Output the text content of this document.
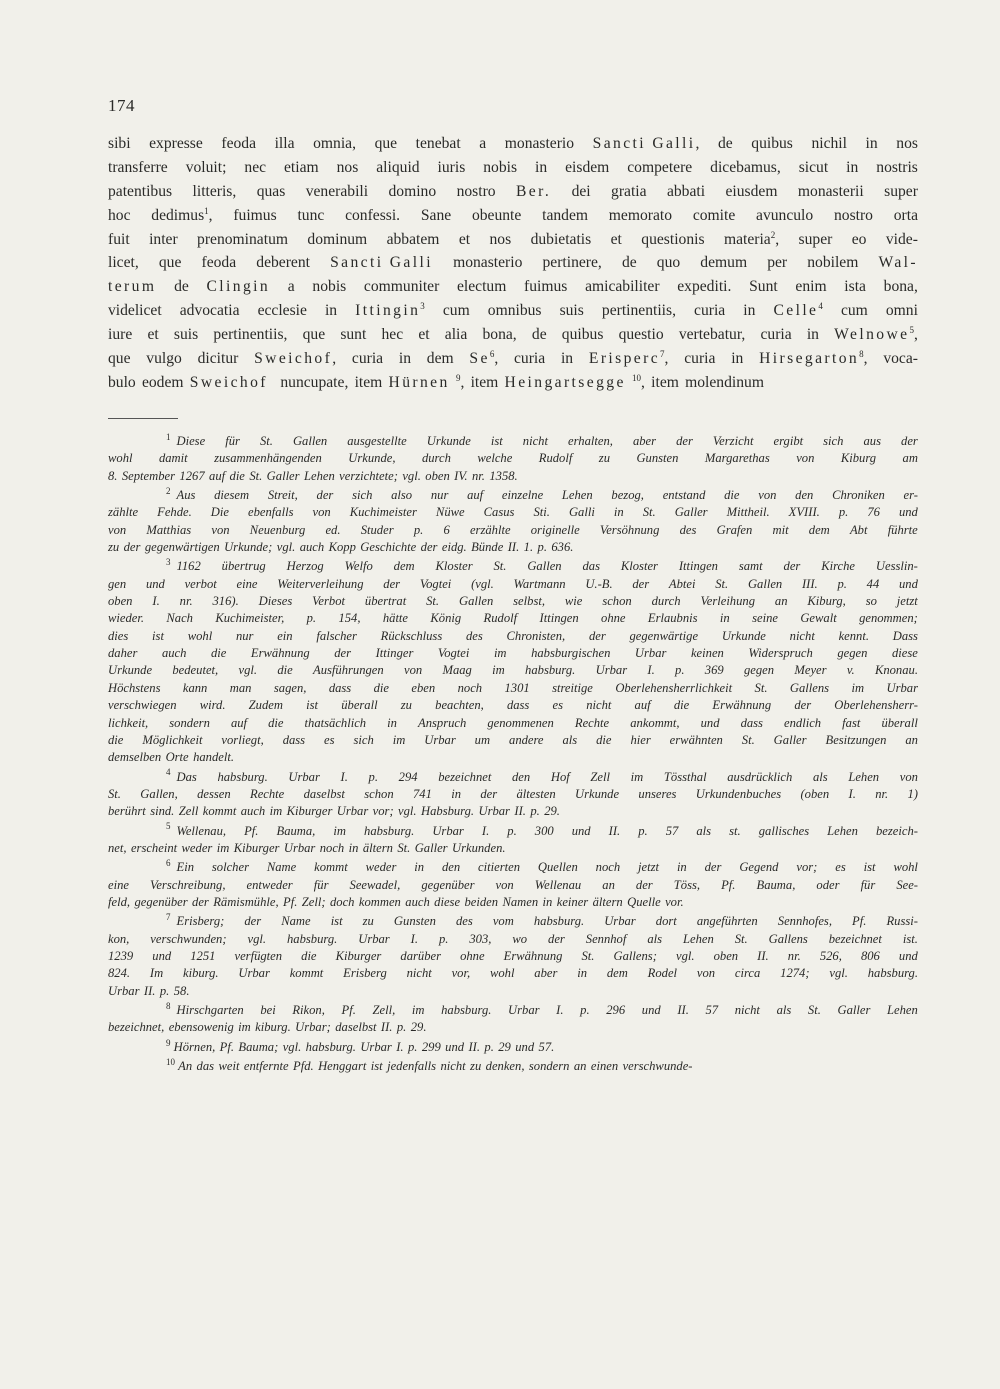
174
sibi expresse feoda illa omnia, que tenebat a monasterio Sancti Galli, de quibus nichil in nos
transferre voluit; nec etiam nos aliquid iuris nobis in eisdem competere dicebamus, sicut in nostris
patentibus litteris, quas venerabili domino nostro Ber. dei gratia abbati eiusdem monasterii super
hoc dedimus$^1$, fuimus tunc confessi. Sane obeunte tandem memorato comite avunculo nostro orta
fuit inter prenominatum dominum abbatem et nos dubietatis et questionis materia$^2$, super eo vide-
licet, que feoda deberent Sancti Galli monasterio pertinere, de quo demum per nobilem Wal-
terum de Clingin a nobis communiter electum fuimus amicabiliter expediti. Sunt enim ista bona,
videlicet advocatia ecclesie in Ittingin$^3$ cum omnibus suis pertinentiis, curia in Celle$^4$ cum omni
iure et suis pertinentiis, que sunt hec et alia bona, de quibus questio vertebatur, curia in Welnowe$^5$,
que vulgo dicitur Sweichof, curia in dem Se$^6$, curia in Erisperc$^7$, curia in Hirsegarton$^8$, voca-
bulo eodem Sweichof nuncupate, item Hürnen $^9$, item Heingartsegge $^{10}$, item molendinum
$^1$ Diese für St. Gallen ausgestellte Urkunde ist nicht erhalten, aber der Verzicht ergibt sich aus der
wohl damit zusammenhängenden Urkunde, durch welche Rudolf zu Gunsten Margarethas von Kiburg am
8. September 1267 auf die St. Galler Lehen verzichtete; vgl. oben IV. nr. 1358.
$^2$ Aus diesem Streit, der sich also nur auf einzelne Lehen bezog, entstand die von den Chroniken er-
zählte Fehde. Die ebenfalls von Kuchimeister Nüwe Casus Sti. Galli in St. Galler Mittheil. XVIII. p. 76 und
von Matthias von Neuenburg ed. Studer p. 6 erzählte originelle Versöhnung des Grafen mit dem Abt führte
zu der gegenwärtigen Urkunde; vgl. auch Kopp Geschichte der eidg. Bünde II. 1. p. 636.
$^3$ 1162 übertrug Herzog Welfo dem Kloster St. Gallen das Kloster Ittingen samt der Kirche Uesslin-
gen und verbot eine Weiterverleihung der Vogtei (vgl. Wartmann U.-B. der Abtei St. Gallen III. p. 44 und
oben I. nr. 316). Dieses Verbot übertrat St. Gallen selbst, wie schon durch Verleihung an Kiburg, so jetzt
wieder. Nach Kuchimeister, p. 154, hätte König Rudolf Ittingen ohne Erlaubnis in seine Gewalt genommen;
dies ist wohl nur ein falscher Rückschluss des Chronisten, der gegenwärtige Urkunde nicht kennt. Dass
daher auch die Erwähnung der Ittinger Vogtei im habsburgischen Urbar keinen Widerspruch gegen diese
Urkunde bedeutet, vgl. die Ausführungen von Maag im habsburg. Urbar I. p. 369 gegen Meyer v. Knonau.
Höchstens kann man sagen, dass die eben noch 1301 streitige Oberlehensherrlichkeit St. Gallens im Urbar
verschwiegen wird. Zudem ist überall zu beachten, dass es nicht auf die Erwähnung der Oberlehensherr-
lichkeit, sondern auf die thatsächlich in Anspruch genommenen Rechte ankommt, und dass endlich fast überall
die Möglichkeit vorliegt, dass es sich im Urbar um andere als die hier erwähnten St. Galler Besitzungen an
demselben Orte handelt.
$^4$ Das habsburg. Urbar I. p. 294 bezeichnet den Hof Zell im Tössthal ausdrücklich als Lehen von
St. Gallen, dessen Rechte daselbst schon 741 in der ältesten Urkunde unseres Urkundenbuches (oben I. nr. 1)
berührt sind. Zell kommt auch im Kiburger Urbar vor; vgl. Habsburg. Urbar II. p. 29.
$^5$ Wellenau, Pf. Bauma, im habsburg. Urbar I. p. 300 und II. p. 57 als st. gallisches Lehen bezeich-
net, erscheint weder im Kiburger Urbar noch in ältern St. Galler Urkunden.
$^6$ Ein solcher Name kommt weder in den citierten Quellen noch jetzt in der Gegend vor; es ist wohl
eine Verschreibung, entweder für Seewadel, gegenüber von Wellenau an der Töss, Pf. Bauma, oder für See-
feld, gegenüber der Rämismühle, Pf. Zell; doch kommen auch diese beiden Namen in keiner ältern Quelle vor.
$^7$ Erisberg; der Name ist zu Gunsten des vom habsburg. Urbar dort angeführten Sennhofes, Pf. Russi-
kon, verschwunden; vgl. habsburg. Urbar I. p. 303, wo der Sennhof als Lehen St. Gallens bezeichnet ist.
1239 und 1251 verfügten die Kiburger darüber ohne Erwähnung St. Gallens; vgl. oben II. nr. 526, 806 und
824. Im kiburg. Urbar kommt Erisberg nicht vor, wohl aber in dem Rodel von circa 1274; vgl. habsburg.
Urbar II. p. 58.
$^8$ Hirschgarten bei Rikon, Pf. Zell, im habsburg. Urbar I. p. 296 und II. 57 nicht als St. Galler Lehen
bezeichnet, ebensowenig im kiburg. Urbar; daselbst II. p. 29.
$^9$ Hörnen, Pf. Bauma; vgl. habsburg. Urbar I. p. 299 und II. p. 29 und 57.
$^{10}$ An das weit entfernte Pfd. Henggart ist jedenfalls nicht zu denken, sondern an einen verschwunde-
